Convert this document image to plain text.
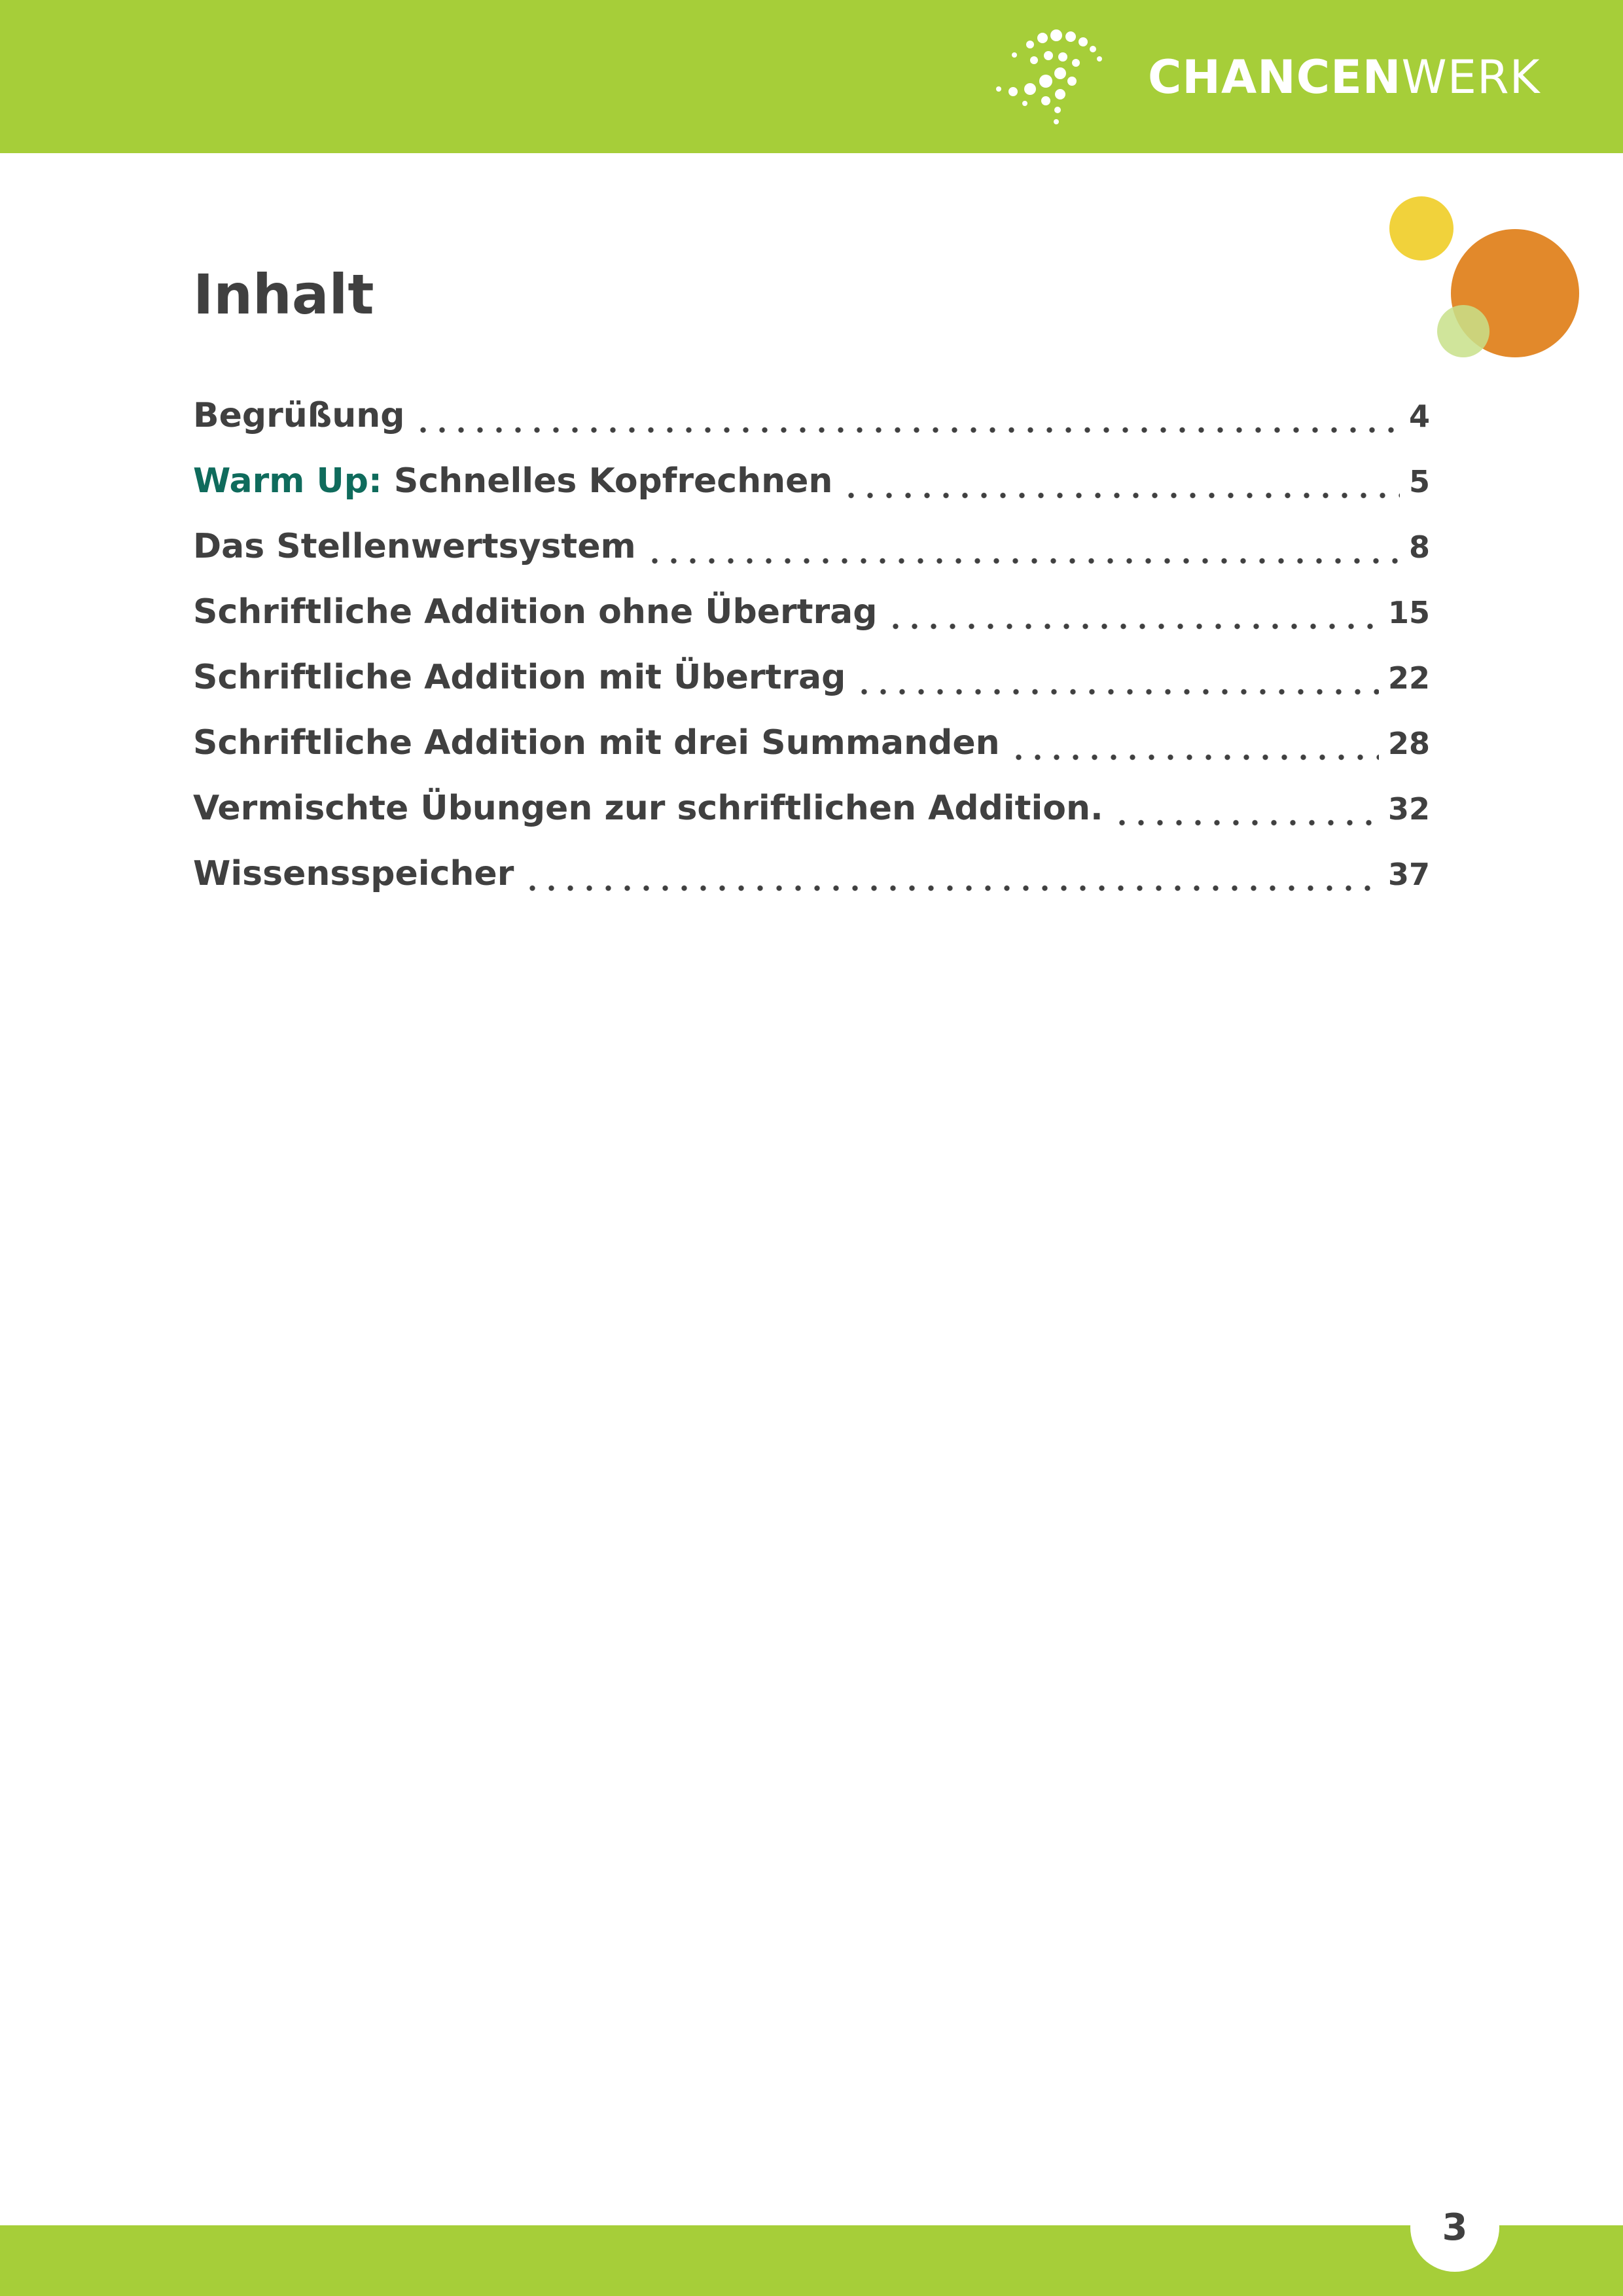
CHANCENWERK
Inhalt
Begrüßung	4
Warm Up: Schnelles Kopfrechnen	5
Das Stellenwertsystem	8
Schriftliche Addition ohne Übertrag	15
Schriftliche Addition mit Übertrag	22
Schriftliche Addition mit drei Summanden	28
Vermischte Übungen zur schriftlichen Addition.	32
Wissensspeicher	37
3
